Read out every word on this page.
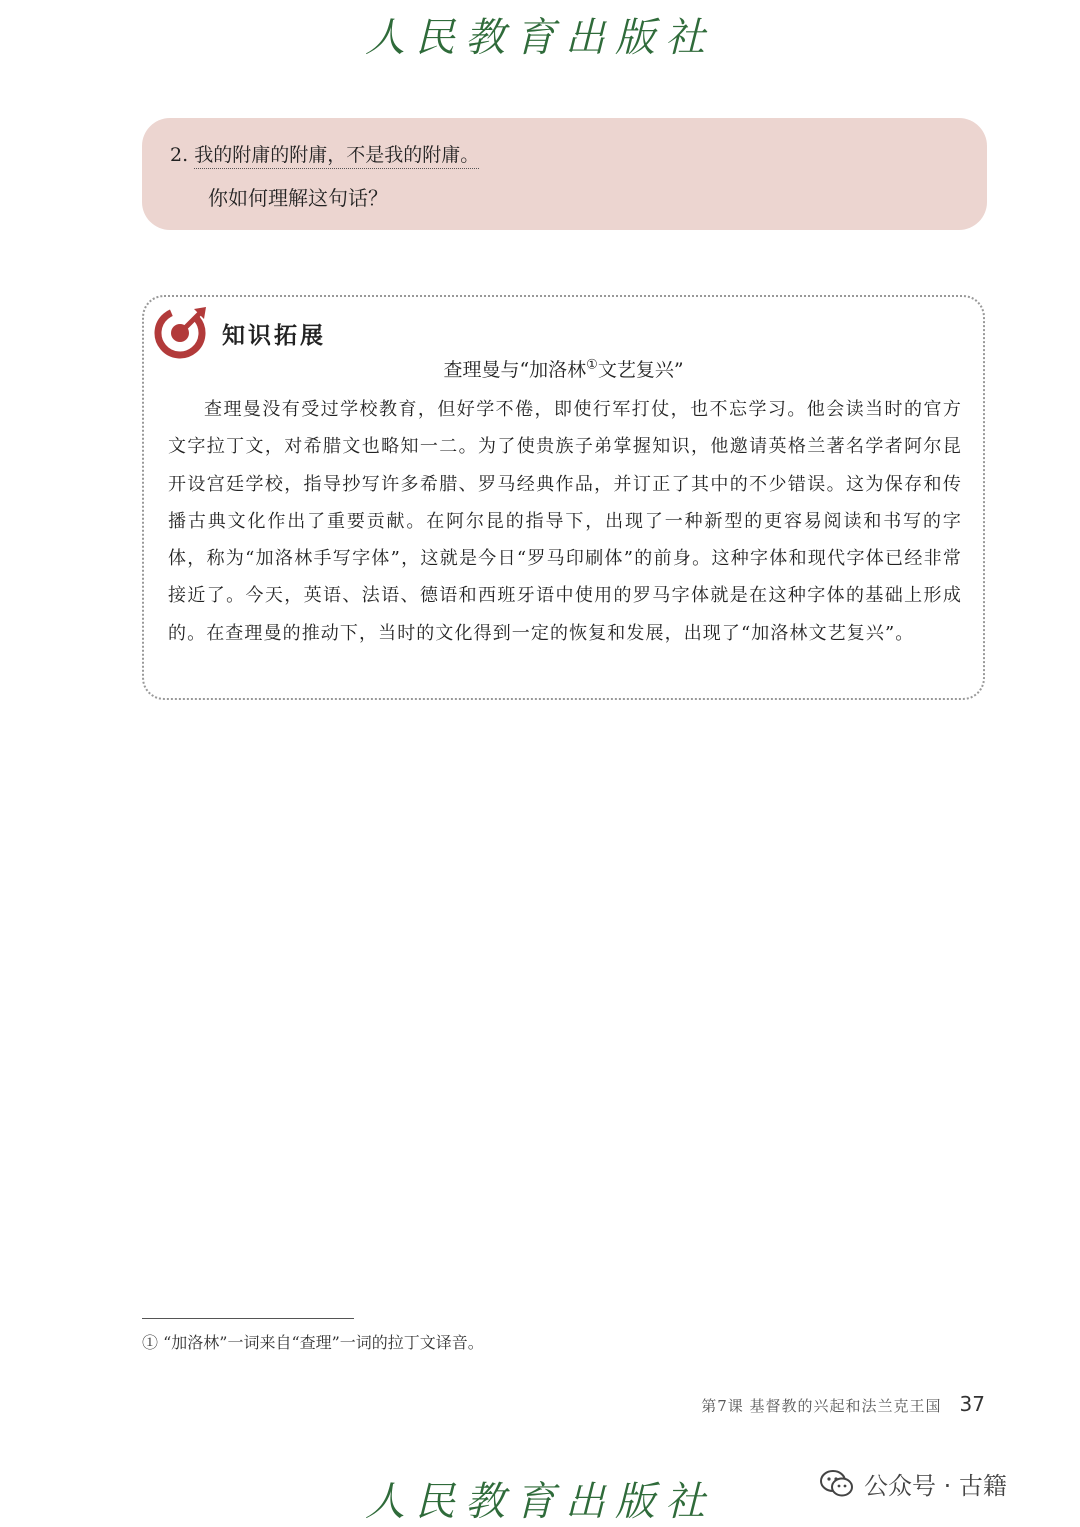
人民教育出版社
2. 我的附庸的附庸，不是我的附庸。
你如何理解这句话？
知识拓展
查理曼与“加洛林①文艺复兴”
查理曼没有受过学校教育，但好学不倦，即使行军打仗，也不忘学习。他会读当时的官方文字拉丁文，对希腊文也略知一二。为了使贵族子弟掌握知识，他邀请英格兰著名学者阿尔昆开设宫廷学校，指导抄写许多希腊、罗马经典作品，并订正了其中的不少错误。这为保存和传播古典文化作出了重要贡献。在阿尔昆的指导下，出现了一种新型的更容易阅读和书写的字体，称为“加洛林手写字体”，这就是今日“罗马印刷体”的前身。这种字体和现代字体已经非常接近了。今天，英语、法语、德语和西班牙语中使用的罗马字体就是在这种字体的基础上形成的。在查理曼的推动下，当时的文化得到一定的恢复和发展，出现了“加洛林文艺复兴”。
① “加洛林”一词来自“查理”一词的拉丁文译音。
第7课 基督教的兴起和法兰克王国 37
人民教育出版社	公众号 · 古籍
